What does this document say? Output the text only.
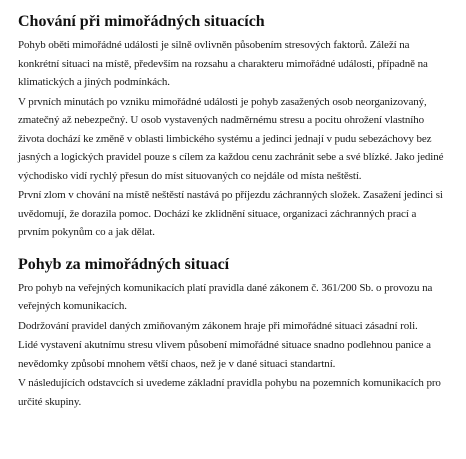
Chování při mimořádných situacích

Pohyb oběti mimořádné události je silně ovlivněn působením stresových faktorů. Záleží na konkrétní situaci na místě, především na rozsahu a charakteru mimořádné události, případně na klimatických a jiných podmínkách.

V prvních minutách po vzniku mimořádné události je pohyb zasažených osob neorganizovaný, zmatečný až nebezpečný. U osob vystavených nadměrnému stresu a pocitu ohrožení vlastního života dochází ke změně v oblasti limbického systému a jedinci jednají v pudu sebezáchovy bez jasných a logických pravidel pouze s cílem za každou cenu zachránit sebe a své blízké. Jako jediné východisko vidí rychlý přesun do míst situovaných co nejdále od místa neštěstí.

První zlom v chování na místě neštěstí nastává po příjezdu záchranných složek. Zasažení jedinci si uvědomují, že dorazila pomoc. Dochází ke zklidnění situace, organizaci záchranných prací a prvním pokynům co a jak dělat.

Pohyb za mimořádných situací

Pro pohyb na veřejných komunikacích platí pravidla dané zákonem č. 361/200 Sb. o provozu na veřejných komunikacích.

Dodržování pravidel daných zmiňovaným zákonem hraje při mimořádné situaci zásadní roli.

Lidé vystavení akutnímu stresu vlivem působení mimořádné situace snadno podlehnou panice a nevědomky způsobí mnohem větší chaos, než je v dané situaci standartní.

V následujících odstavcích si uvedeme základní pravidla pohybu na pozemních komunikacích pro určité skupiny.
